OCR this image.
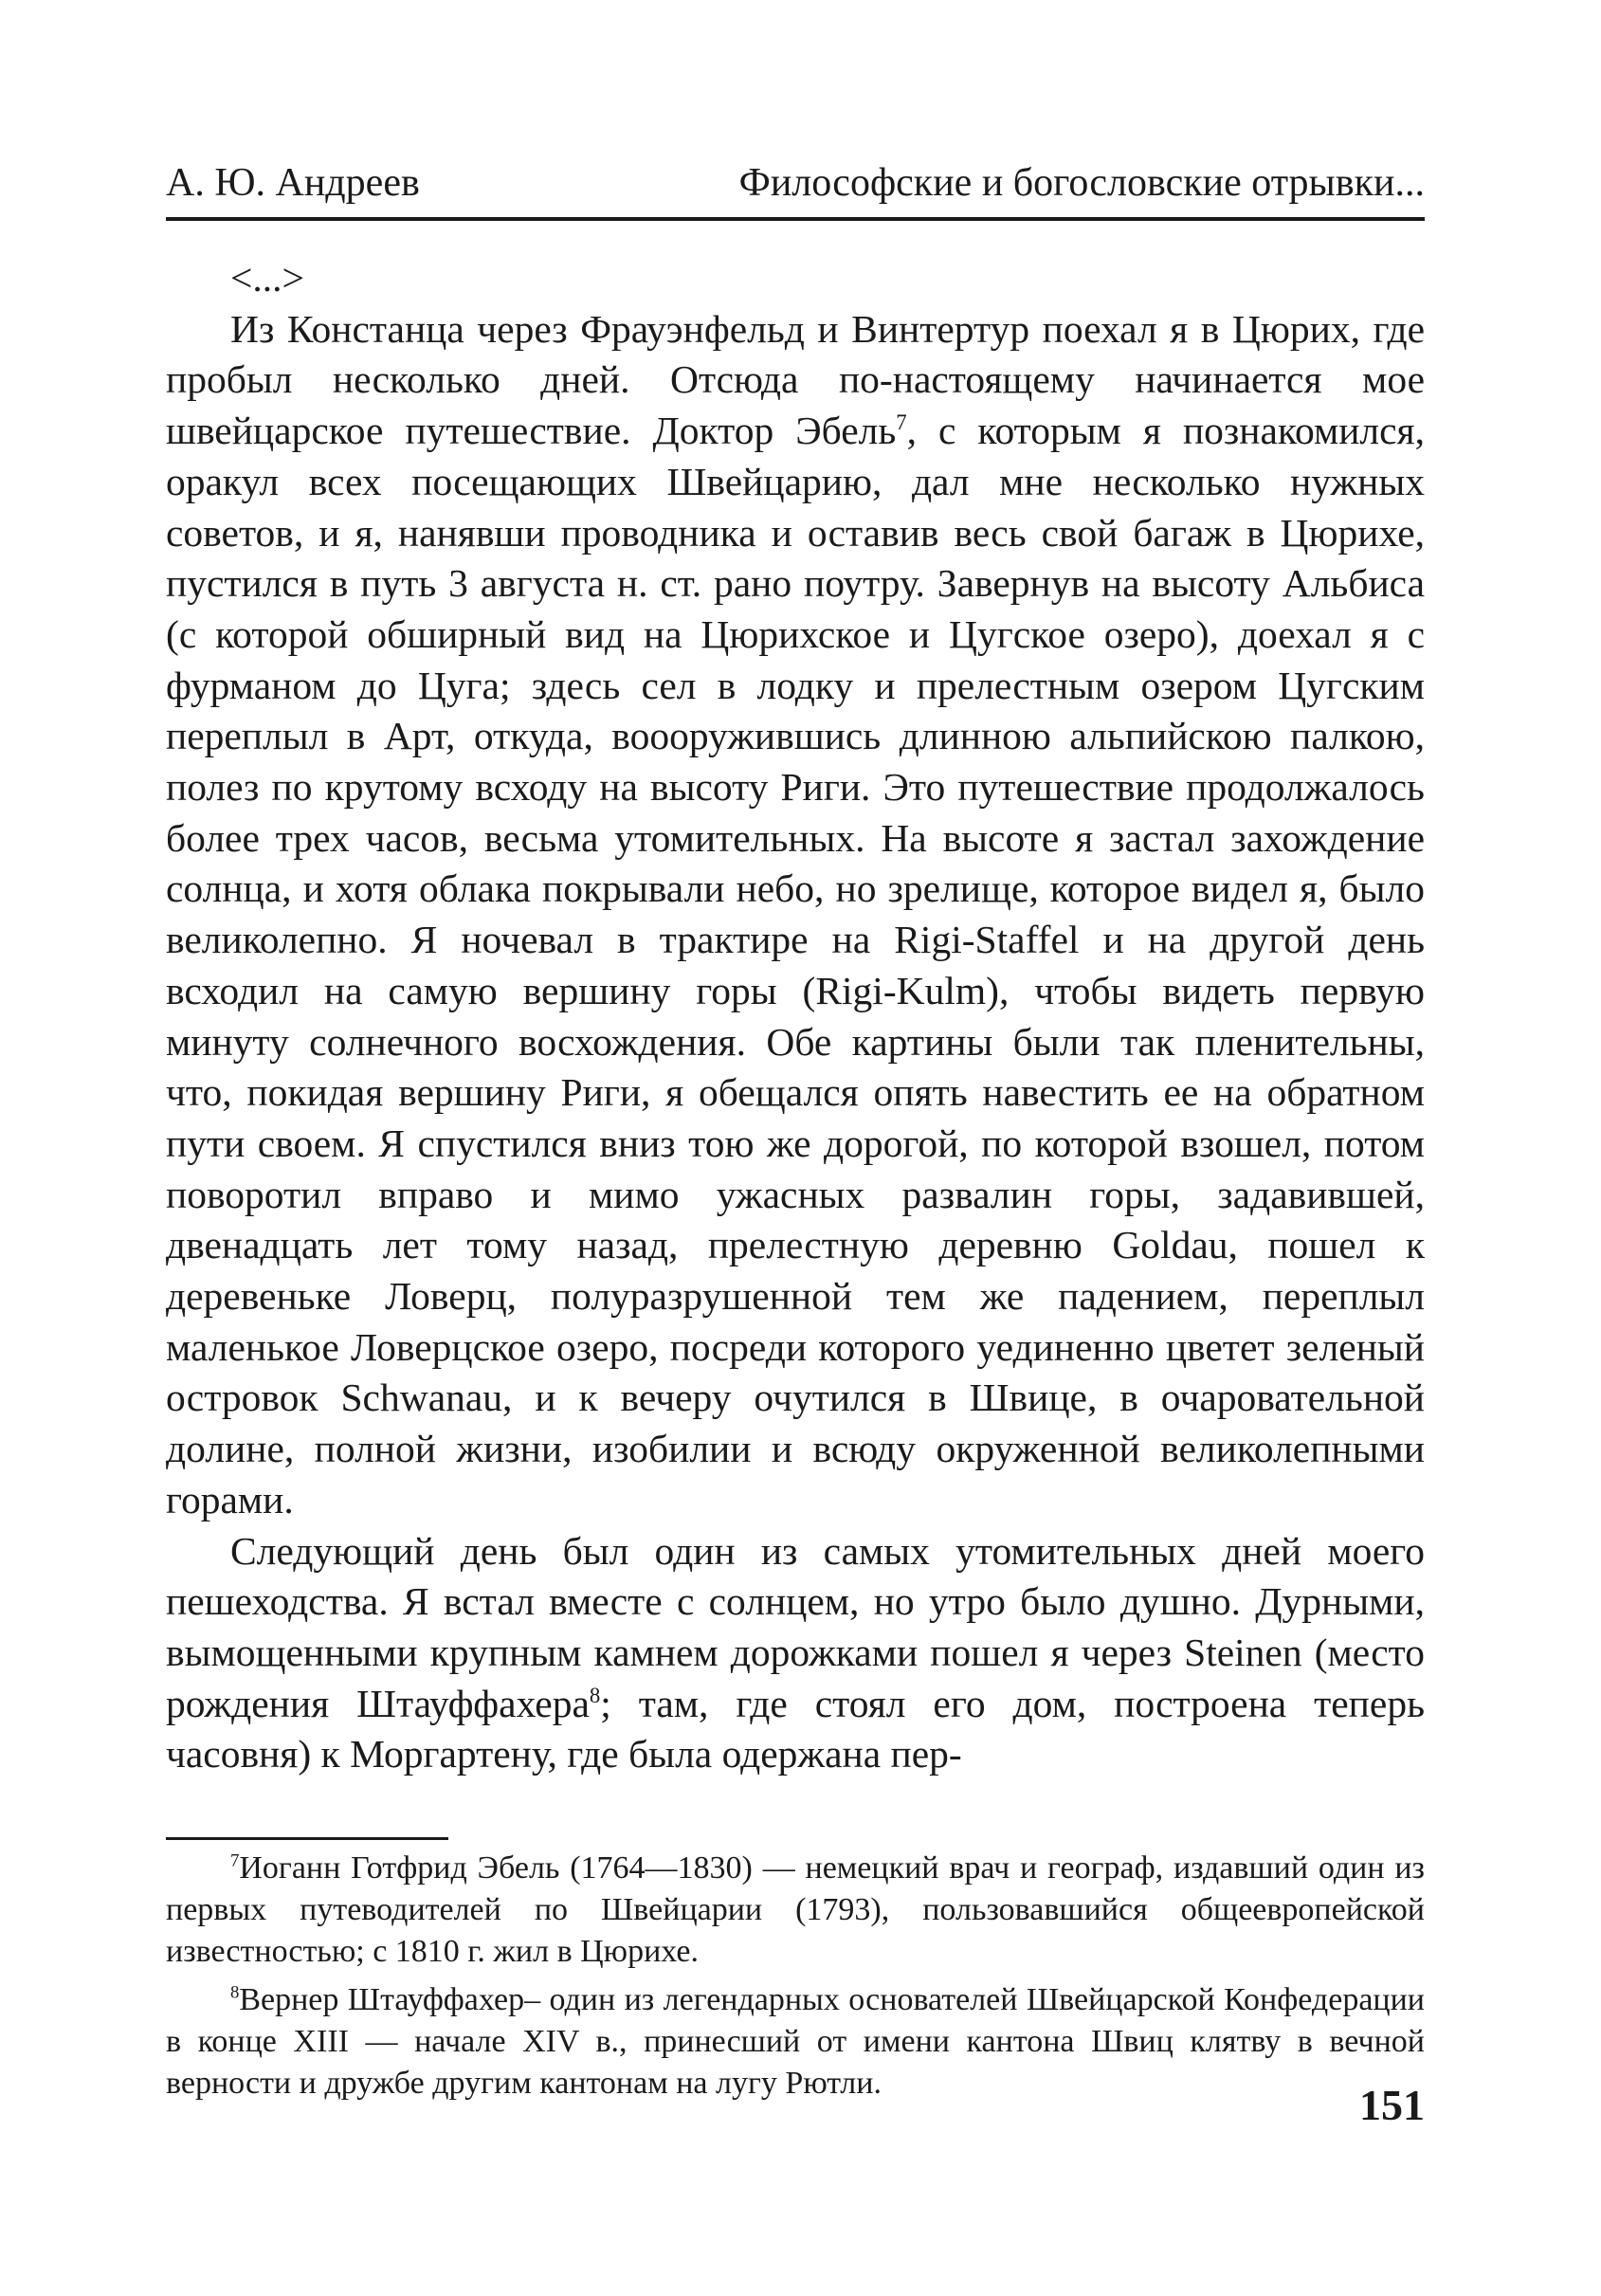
А. Ю. Андреев	Философские и богословские отрывки...

<...>

Из Констанца через Фрауэнфельд и Винтертур поехал я в Цюрих, где пробыл несколько дней. Отсюда по-настоящему начинается мое швейцарское путешествие. Доктор Эбель$^7$, с которым я познакомился, оракул всех посещающих Швейцарию, дал мне несколько нужных советов, и я, нанявши проводника и оставив весь свой багаж в Цюрихе, пустился в путь 3 августа н. ст. рано поутру. Завернув на высоту Альбиса (с которой обширный вид на Цюрихское и Цугское озеро), доехал я с фурманом до Цуга; здесь сел в лодку и прелестным озером Цугским переплыл в Арт, откуда, воооружившись длинною альпийскою палкою, полез по крутому всходу на высоту Риги. Это путешествие продолжалось более трех часов, весьма утомительных. На высоте я застал захождение солнца, и хотя облака покрывали небо, но зрелище, которое видел я, было великолепно. Я ночевал в трактире на Rigi-Staffel и на другой день всходил на самую вершину горы (Rigi-Kulm), чтобы видеть первую минуту солнечного восхождения. Обе картины были так пленительны, что, покидая вершину Риги, я обещался опять навестить ее на обратном пути своем. Я спустился вниз тою же дорогой, по которой взошел, потом поворотил вправо и мимо ужасных развалин горы, задавившей, двенадцать лет тому назад, прелестную деревню Goldau, пошел к деревеньке Ловерц, полуразрушенной тем же падением, переплыл маленькое Ловерцское озеро, посреди которого уединенно цветет зеленый островок Schwanau, и к вечеру очутился в Швице, в очаровательной долине, полной жизни, изобилии и всюду окруженной великолепными горами.

Следующий день был один из самых утомительных дней моего пешеходства. Я встал вместе с солнцем, но утро было душно. Дурными, вымощенными крупным камнем дорожками пошел я через Steinen (место рождения Штауффахера$^8$; там, где стоял его дом, построена теперь часовня) к Моргартену, где была одержана пер-

$^7$Иоганн Готфрид Эбель (1764—1830) — немецкий врач и географ, издавший один из первых путеводителей по Швейцарии (1793), пользовавшийся общеевропейской известностью; с 1810 г. жил в Цюрихе.

$^8$Вернер Штауффахер– один из легендарных основателей Швейцарской Конфедерации в конце XIII — начале XIV в., принесший от имени кантона Швиц клятву в вечной верности и дружбе другим кантонам на лугу Рютли.	151
